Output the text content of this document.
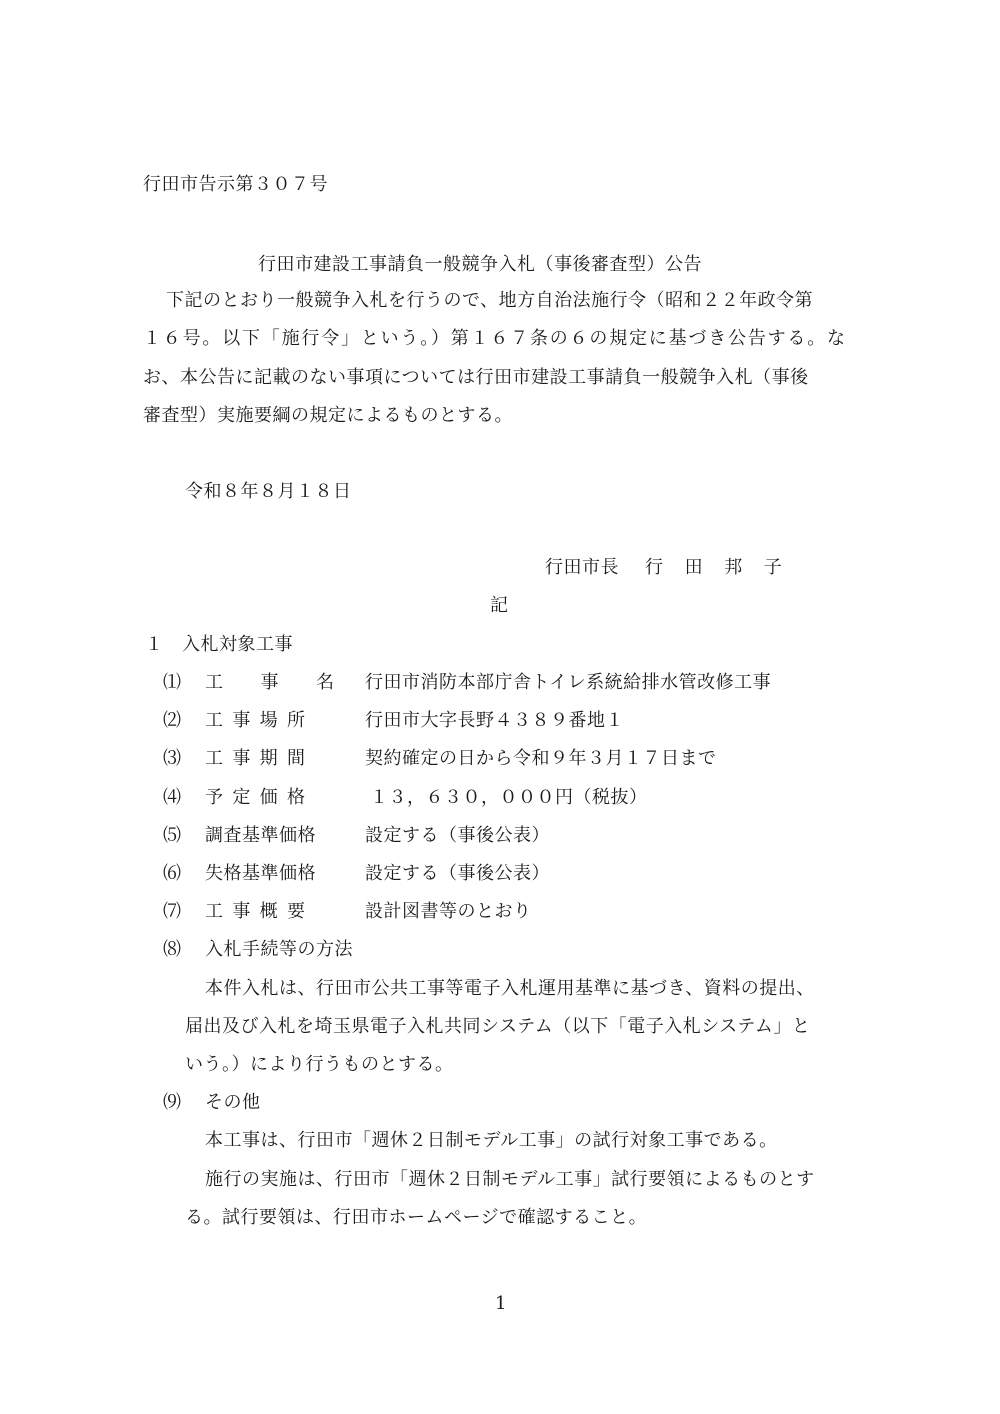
行田市告示第３０７号
行田市建設工事請負一般競争入札（事後審査型）公告
下記のとおり一般競争入札を行うので、地方自治法施行令（昭和２２年政令第
１６号。以下「施行令」という。）第１６７条の６の規定に基づき公告する。な
お、本公告に記載のない事項については行田市建設工事請負一般競争入札（事後
審査型）実施要綱の規定によるものとする。
令和８年８月１８日
行田市長 行　田　邦　子
記
１　入札対象工事
⑴ 工　　事　　名 行田市消防本部庁舎トイレ系統給排水管改修工事
⑵ 工 事 場 所	行田市大字長野４３８９番地１
⑶ 工 事 期 間	契約確定の日から令和９年３月１７日まで
⑷ 予 定 価 格	１３，６３０，０００円（税抜）
⑸ 調査基準価格	設定する（事後公表）
⑹ 失格基準価格	設定する（事後公表）
⑺ 工 事 概 要	設計図書等のとおり
⑻ 入札手続等の方法
本件入札は、行田市公共工事等電子入札運用基準に基づき、資料の提出、
届出及び入札を埼玉県電子入札共同システム（以下「電子入札システム」と
いう。）により行うものとする。
⑼ その他
本工事は、行田市「週休２日制モデル工事」の試行対象工事である。
施行の実施は、行田市「週休２日制モデル工事」試行要領によるものとす
る。試行要領は、行田市ホームページで確認すること。
1
